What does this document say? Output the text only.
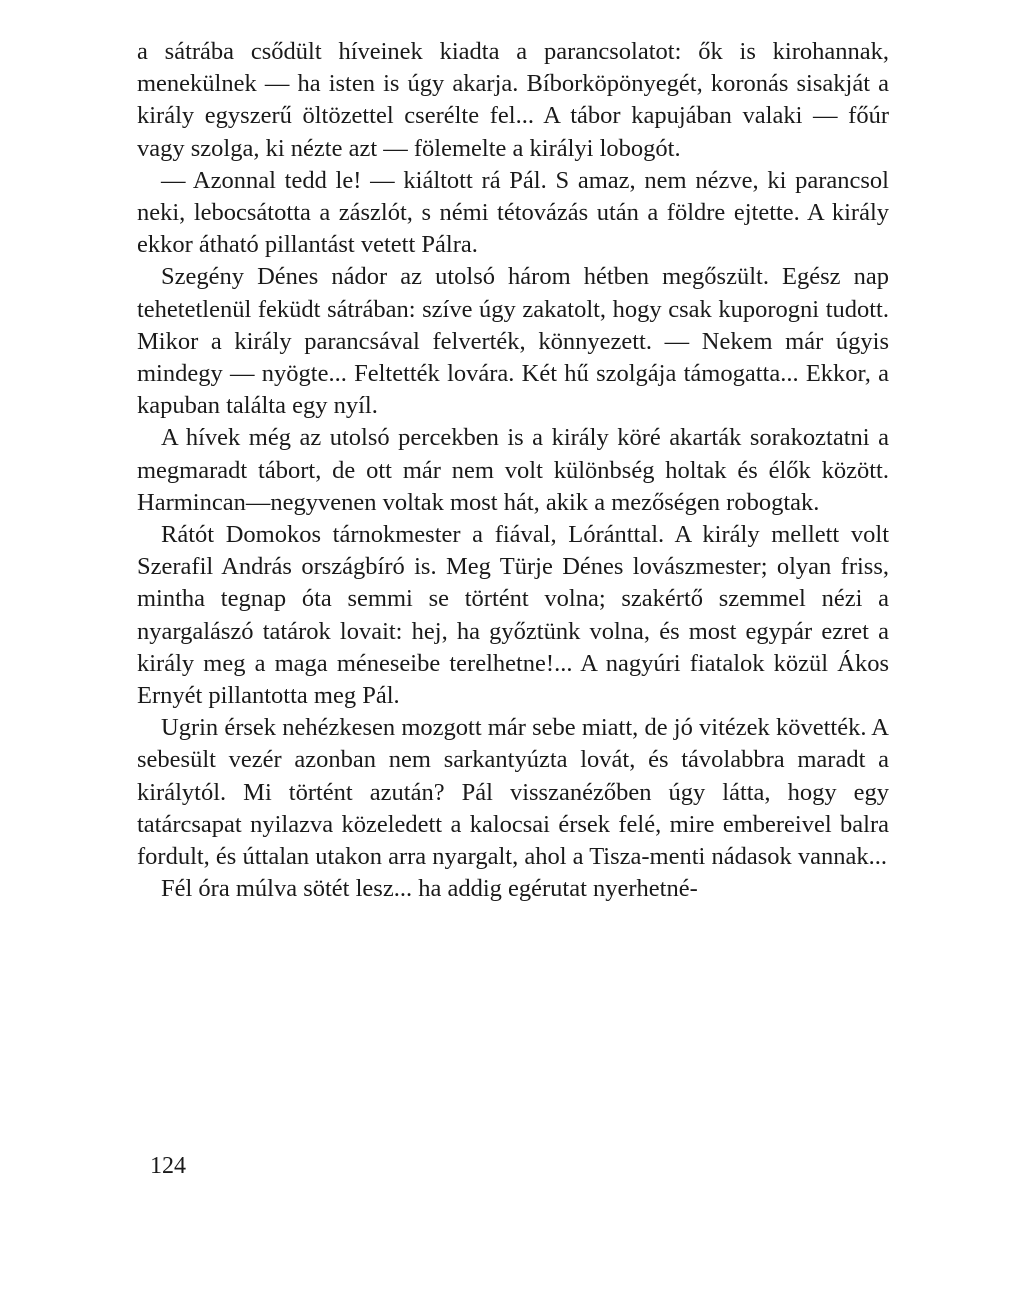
a sátrába csődült híveinek kiadta a parancsolatot: ők is kirohannak, menekülnek — ha isten is úgy akarja. Bíborköpönyegét, koronás sisakját a király egyszerű öltözettel cserélte fel... A tábor kapujában valaki — főúr vagy szolga, ki nézte azt — fölemelte a királyi lobogót.

— Azonnal tedd le! — kiáltott rá Pál. S amaz, nem nézve, ki parancsol neki, lebocsátotta a zászlót, s némi tétovázás után a földre ejtette. A király ekkor átható pillantást vetett Pálra.

Szegény Dénes nádor az utolsó három hétben megőszült. Egész nap tehetetlenül feküdt sátrában: szíve úgy zakatolt, hogy csak kuporogni tudott. Mikor a király parancsával felverték, könnyezett. — Nekem már úgyis mindegy — nyögte... Feltették lovára. Két hű szolgája támogatta... Ekkor, a kapuban találta egy nyíl.

A hívek még az utolsó percekben is a király köré akarták sorakoztatni a megmaradt tábort, de ott már nem volt különbség holtak és élők között. Harmincan—negyvenen voltak most hát, akik a mezőségen robogtak.

Rátót Domokos tárnokmester a fiával, Lóránttal. A király mellett volt Szerafil András országbíró is. Meg Türje Dénes lovászmester; olyan friss, mintha tegnap óta semmi se történt volna; szakértő szemmel nézi a nyargalászó tatárok lovait: hej, ha győztünk volna, és most egypár ezret a király meg a maga méneseibe terelhetne!... A nagyúri fiatalok közül Ákos Ernyét pillantotta meg Pál.

Ugrin érsek nehézkesen mozgott már sebe miatt, de jó vitézek követték. A sebesült vezér azonban nem sarkantyúzta lovát, és távolabbra maradt a királytól. Mi történt azután? Pál visszanézőben úgy látta, hogy egy tatárcsapat nyilazva közeledett a kalocsai érsek felé, mire embereivel balra fordult, és úttalan utakon arra nyargalt, ahol a Tisza-menti nádasok vannak...

Fél óra múlva sötét lesz... ha addig egérutat nyerhetné-

124
